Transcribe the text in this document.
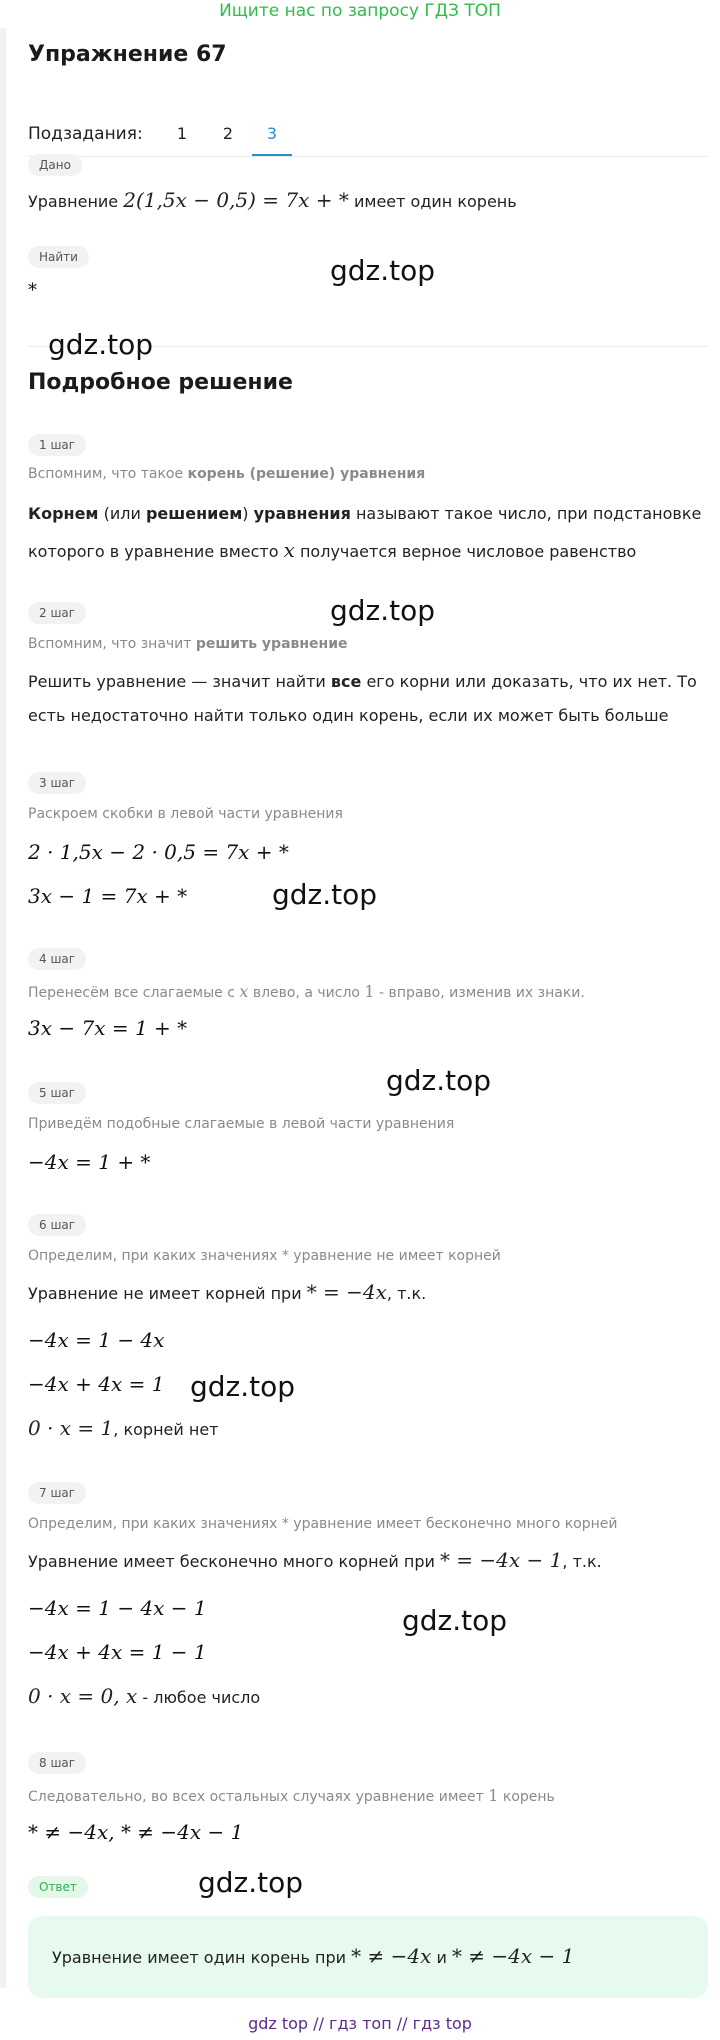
Ищите нас по запросу ГДЗ ТОП
Упражнение 67
Подзадания:	1	2	3
Дано
Уравнение 2(1,5x − 0,5) = 7x + * имеет один корень
Найти
*
Подробное решение
1 шаг
Вспомним, что такое корень (решение) уравнения
Корнем (или решением) уравнения называют такое число, при подстановке
которого в уравнение вместо x получается верное числовое равенство
2 шаг
Вспомним, что значит решить уравнение
Решить уравнение — значит найти все его корни или доказать, что их нет. То
есть недостаточно найти только один корень, если их может быть больше
3 шаг
Раскроем скобки в левой части уравнения
2 · 1,5x − 2 · 0,5 = 7x + *
3x − 1 = 7x + *
4 шаг
Перенесём все слагаемые с x влево, а число 1 - вправо, изменив их знаки.
3x − 7x = 1 + *
5 шаг
Приведём подобные слагаемые в левой части уравнения
−4x = 1 + *
6 шаг
Определим, при каких значениях * уравнение не имеет корней
Уравнение не имеет корней при * = −4x, т.к.
−4x = 1 − 4x
−4x + 4x = 1
0 · x = 1, корней нет
7 шаг
Определим, при каких значениях * уравнение имеет бесконечно много корней
Уравнение имеет бесконечно много корней при * = −4x − 1, т.к.
−4x = 1 − 4x − 1
−4x + 4x = 1 − 1
0 · x = 0, x - любое число
8 шаг
Следовательно, во всех остальных случаях уравнение имеет 1 корень
* ≠ −4x, * ≠ −4x − 1
Ответ
Уравнение имеет один корень при * ≠ −4x и * ≠ −4x − 1
gdz.top
gdz.top
gdz.top
gdz.top
gdz.top
gdz.top
gdz.top
gdz.top
gdz top // гдз топ // гдз top
